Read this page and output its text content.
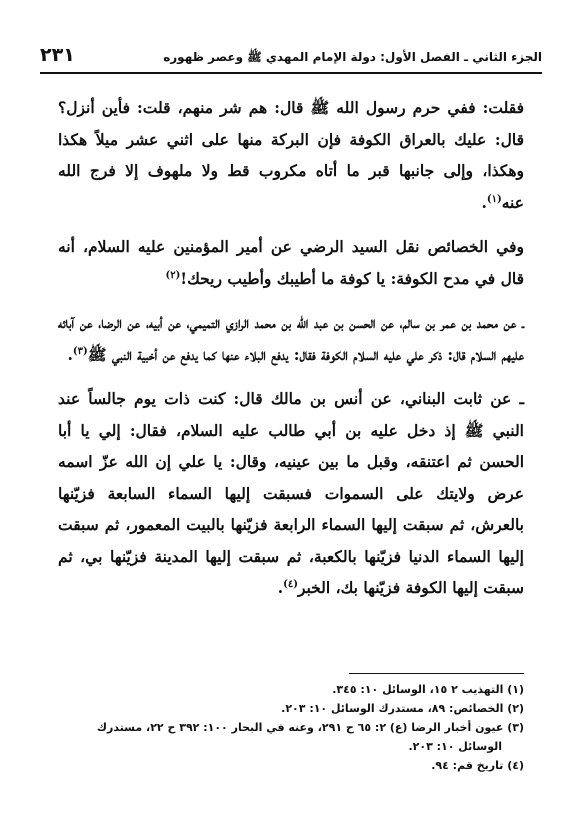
الجزء الثاني ـ الفصل الأول: دولة الإمام المهدي ﷺ وعصر ظهوره
٢٣١

فقلت: ففي حرم رسول الله ﷺ قال: هم شر منهم، قلت: فأين أنزل؟ قال: عليك بالعراق الكوفة فإن البركة منها على اثني عشر ميلاً هكذا وهكذا، وإلى جانبها قبر ما أتاه مكروب قط ولا ملهوف إلا فرج الله عنه$^{(١)}$.

وفي الخصائص نقل السيد الرضي عن أمير المؤمنين عليه السلام، أنه قال في مدح الكوفة: يا كوفة ما أطيبك وأطيب ريحك!$^{(٢)}$

ـ عن محمد بن عمر بن سالم، عن الحسن بن عبد الله بن محمد الرازي التميمي، عن أبيه، عن الرضا، عن آبائه عليهم السلام قال: ذكر علي عليه السلام الكوفة فقال: يدفع البلاء عنها كما يدفع عن أخبية النبي ﷺ$^{(٣)}$.

ـ عن ثابت البناني، عن أنس بن مالك قال: كنت ذات يوم جالساً عند النبي ﷺ إذ دخل عليه بن أبي طالب عليه السلام، فقال: إلي يا أبا الحسن ثم اعتنقه، وقبل ما بين عينيه، وقال: يا علي إن الله عزّ اسمه عرض ولايتك على السموات فسبقت إليها السماء السابعة فزيّنها بالعرش، ثم سبقت إليها السماء الرابعة فزيّنها بالبيت المعمور، ثم سبقت إليها السماء الدنيا فزيّنها بالكعبة، ثم سبقت إليها المدينة فزيّنها بي، ثم سبقت إليها الكوفة فزيّنها بك، الخبر$^{(٤)}$.

(١) التهذيب ٢ ١٥، الوسائل ١٠: ٣٤٥.

(٢) الخصائص: ٨٩، مستدرك الوسائل ١٠: ٢٠٣.

(٣) عيون أخبار الرضا (ع) ٢: ٦٥ ح ٢٩١، وعنه في البحار ١٠٠: ٣٩٢ ح ٢٢، مستدرك

الوسائل ١٠: ٢٠٣.

(٤) تاريخ قم: ٩٤.
